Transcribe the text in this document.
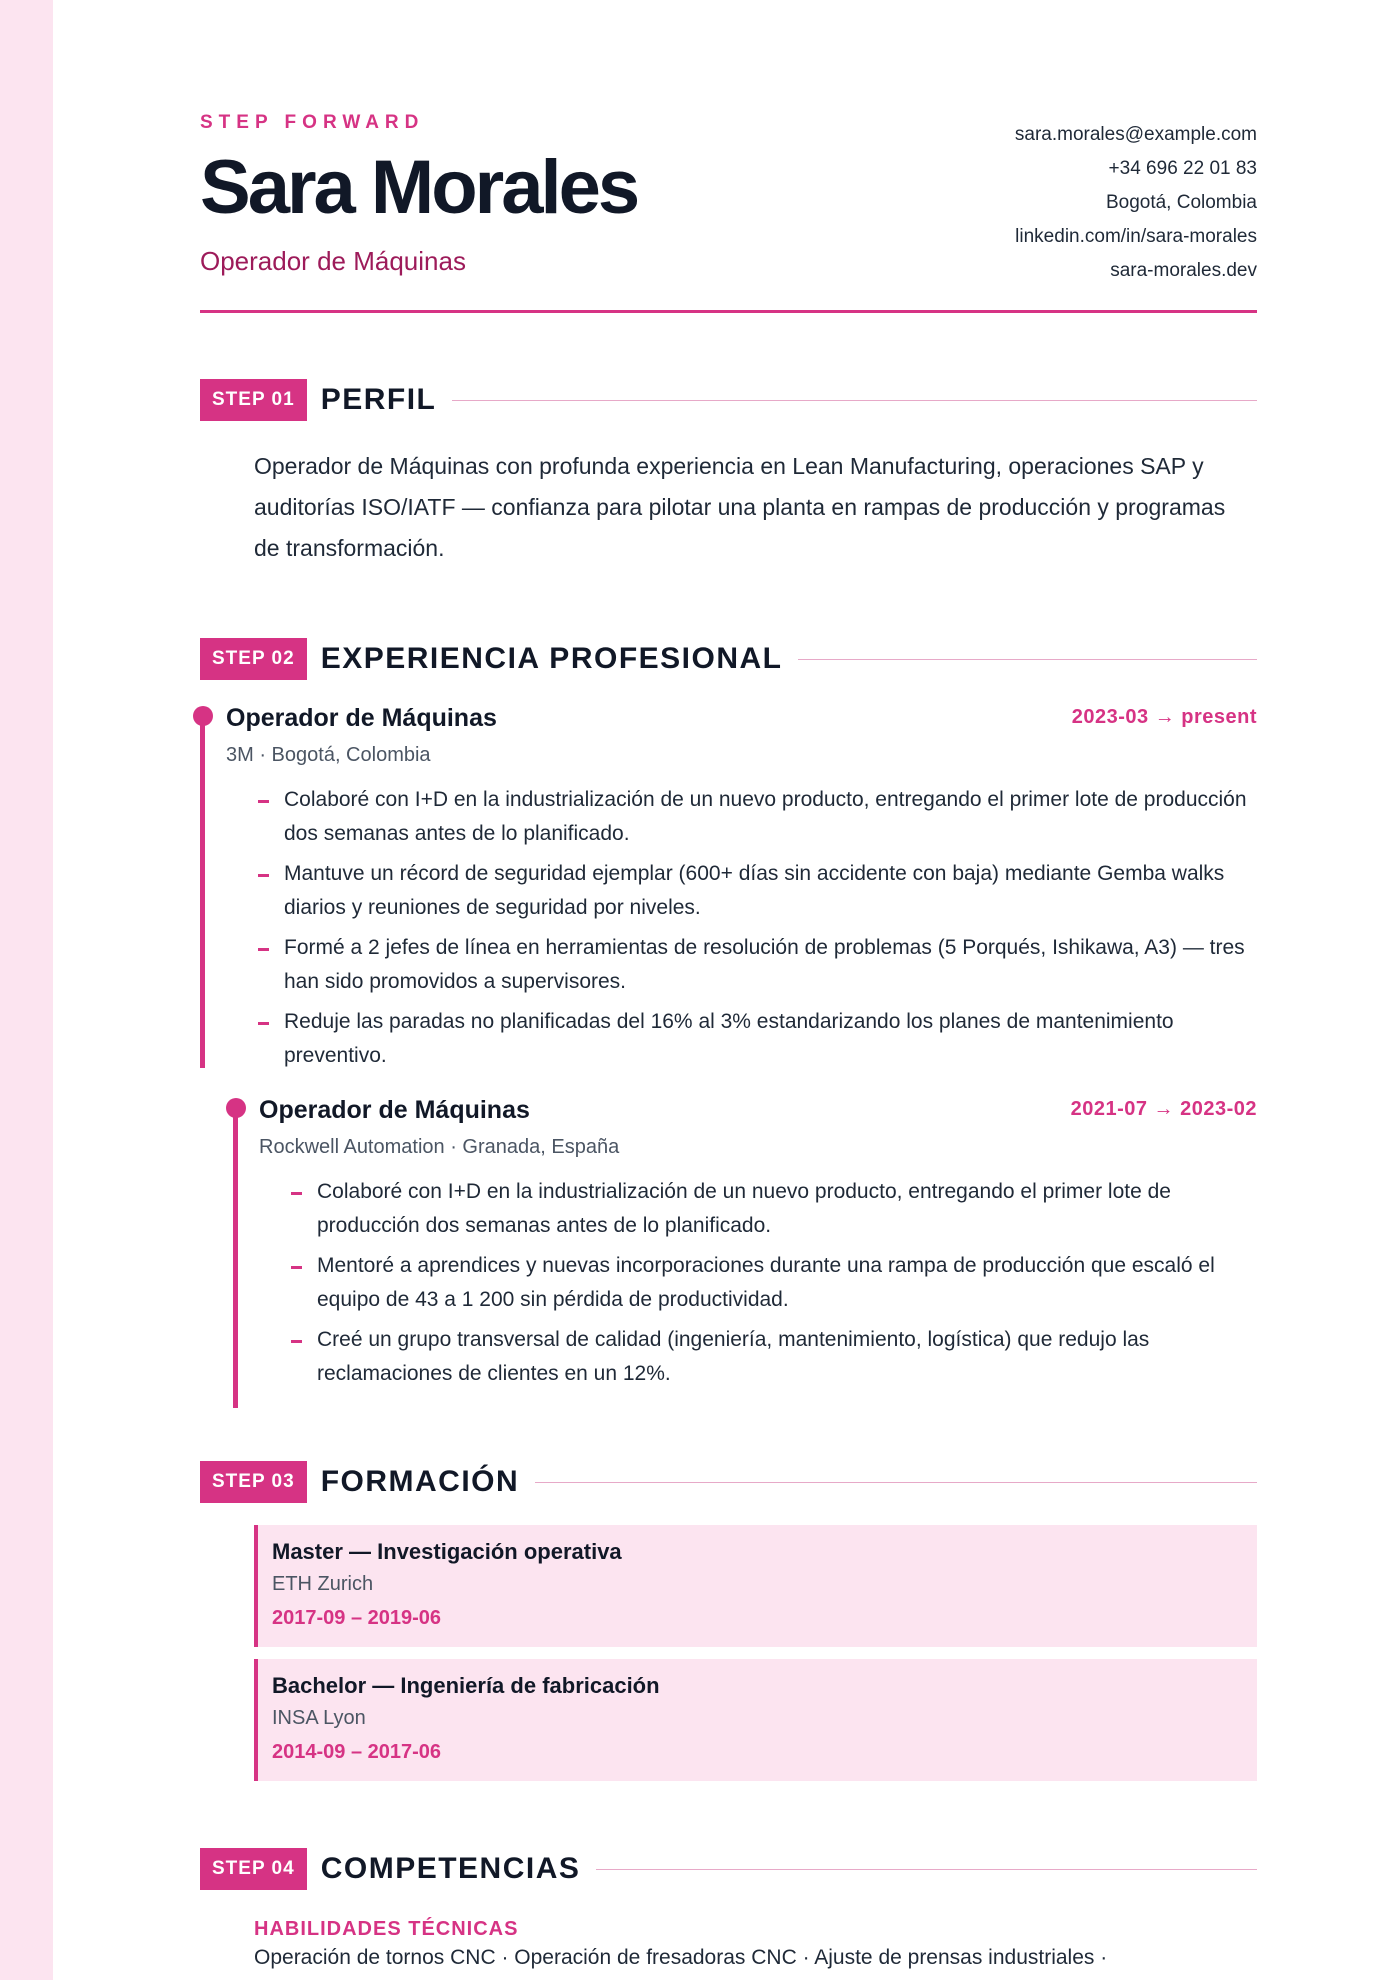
STEP FORWARD
Sara Morales
Operador de Máquinas
sara.morales@example.com
+34 696 22 01 83
Bogotá, Colombia
linkedin.com/in/sara-morales
sara-morales.dev
STEP 01 PERFIL
Operador de Máquinas con profunda experiencia en Lean Manufacturing, operaciones SAP y auditorías ISO/IATF — confianza para pilotar una planta en rampas de producción y programas de transformación.
STEP 02 EXPERIENCIA PROFESIONAL
Operador de Máquinas	2023-03 → present
3M · Bogotá, Colombia
Colaboré con I+D en la industrialización de un nuevo producto, entregando el primer lote de producción dos semanas antes de lo planificado.
Mantuve un récord de seguridad ejemplar (600+ días sin accidente con baja) mediante Gemba walks diarios y reuniones de seguridad por niveles.
Formé a 2 jefes de línea en herramientas de resolución de problemas (5 Porqués, Ishikawa, A3) — tres han sido promovidos a supervisores.
Reduje las paradas no planificadas del 16% al 3% estandarizando los planes de mantenimiento preventivo.
Operador de Máquinas	2021-07 → 2023-02
Rockwell Automation · Granada, España
Colaboré con I+D en la industrialización de un nuevo producto, entregando el primer lote de producción dos semanas antes de lo planificado.
Mentoré a aprendices y nuevas incorporaciones durante una rampa de producción que escaló el equipo de 43 a 1 200 sin pérdida de productividad.
Creé un grupo transversal de calidad (ingeniería, mantenimiento, logística) que redujo las reclamaciones de clientes en un 12%.
STEP 03 FORMACIÓN
Master — Investigación operativa
ETH Zurich
2017-09 – 2019-06
Bachelor — Ingeniería de fabricación
INSA Lyon
2014-09 – 2017-06
STEP 04 COMPETENCIAS
HABILIDADES TÉCNICAS
Operación de tornos CNC · Operación de fresadoras CNC · Ajuste de prensas industriales ·
